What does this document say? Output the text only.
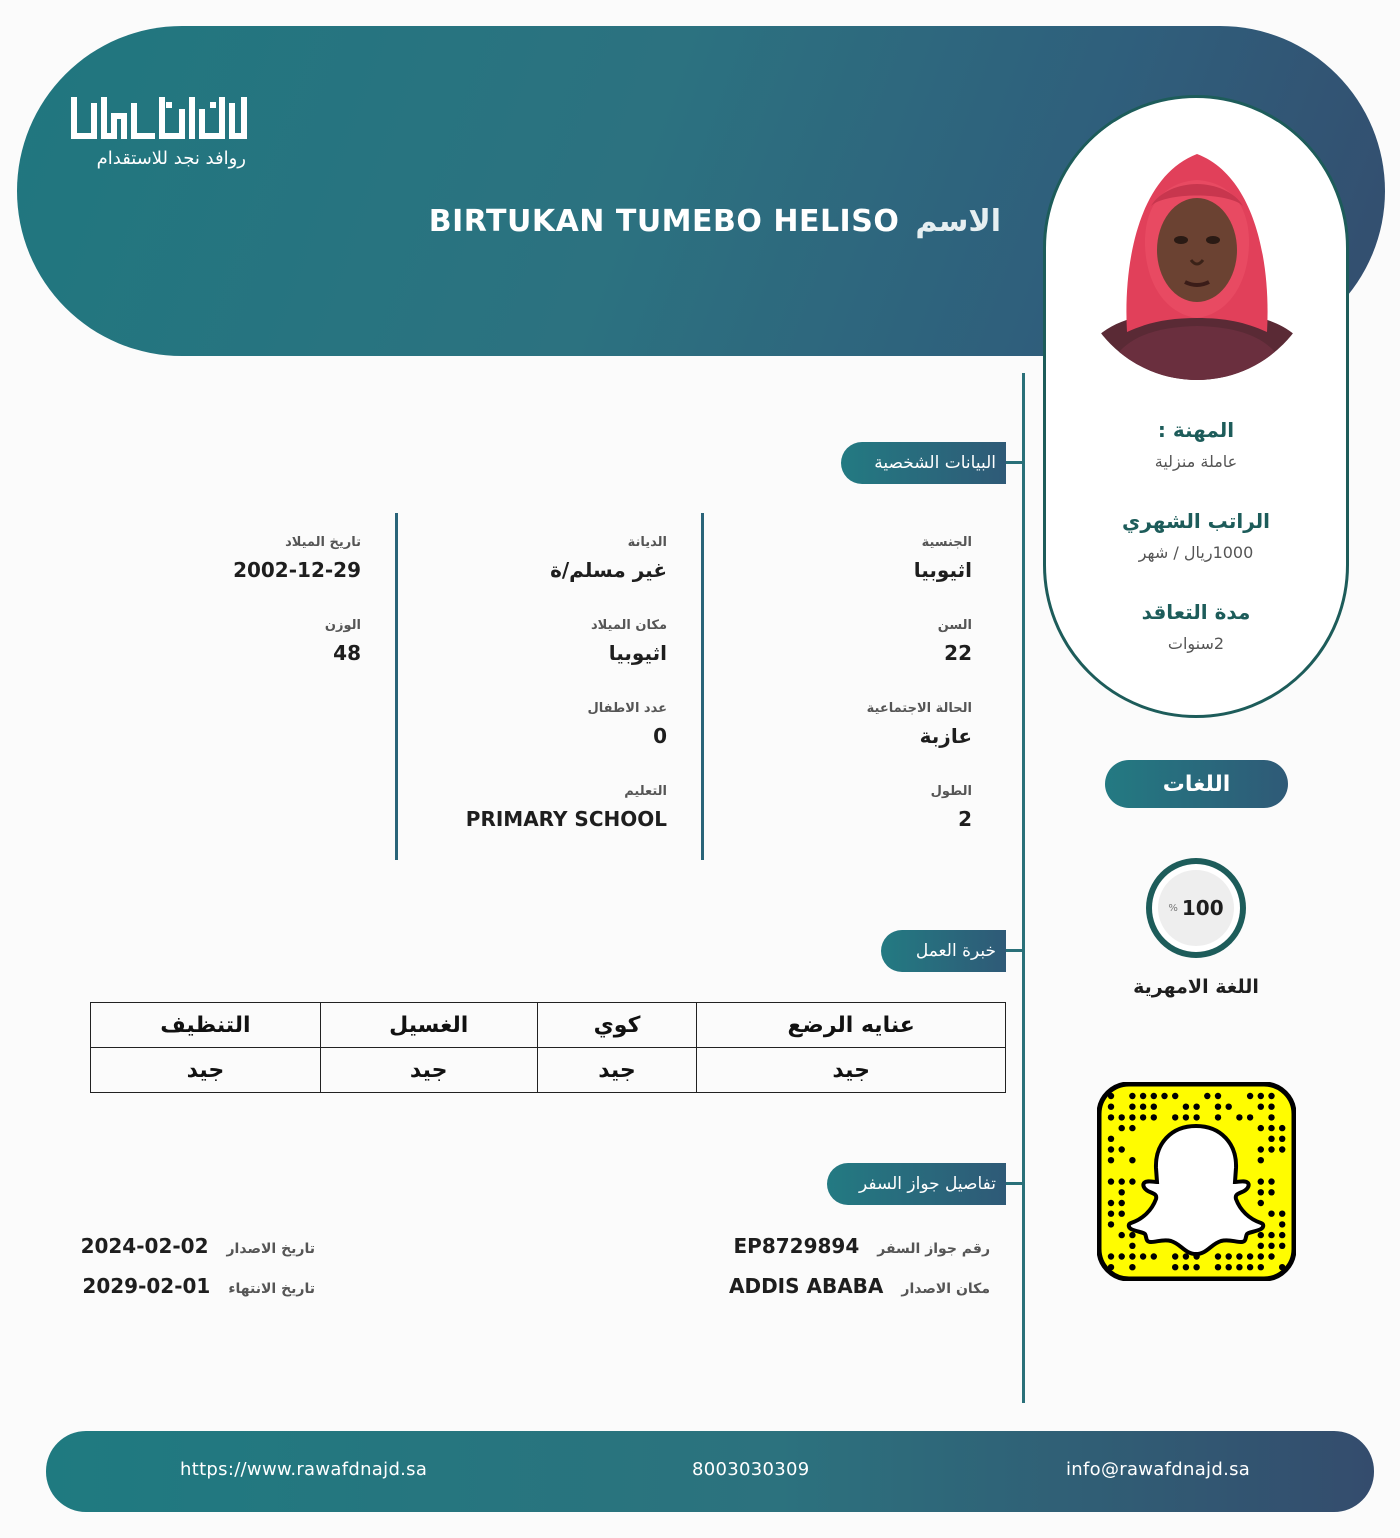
روافد نجد للاستقدام
الاسم
BIRTUKAN TUMEBO HELISO
المهنة :
عاملة منزلية
الراتب الشهري
1000ريال / شهر
مدة التعاقد
2سنوات
البيانات الشخصية
الجنسية
اثيوبيا
السن
22
الحالة الاجتماعية
عازبة
الطول
2
الديانة
غير مسلم/ة
مكان الميلاد
اثيوبيا
عدد الاطفال
0
التعليم
PRIMARY SCHOOL
تاريخ الميلاد
2002-12-29
الوزن
48
خبرة العمل
عنايه الرضع	كوي	الغسيل	التنظيف
جيد	جيد	جيد	جيد
تفاصيل جواز السفر
رقم جواز السفر
EP8729894
مكان الاصدار
ADDIS ABABA
تاريخ الاصدار
2024-02-02
تاريخ الانتهاء
2029-02-01
اللغات
% 100
اللغة الامهرية
https://www.rawafdnajd.sa	8003030309	info@rawafdnajd.sa
